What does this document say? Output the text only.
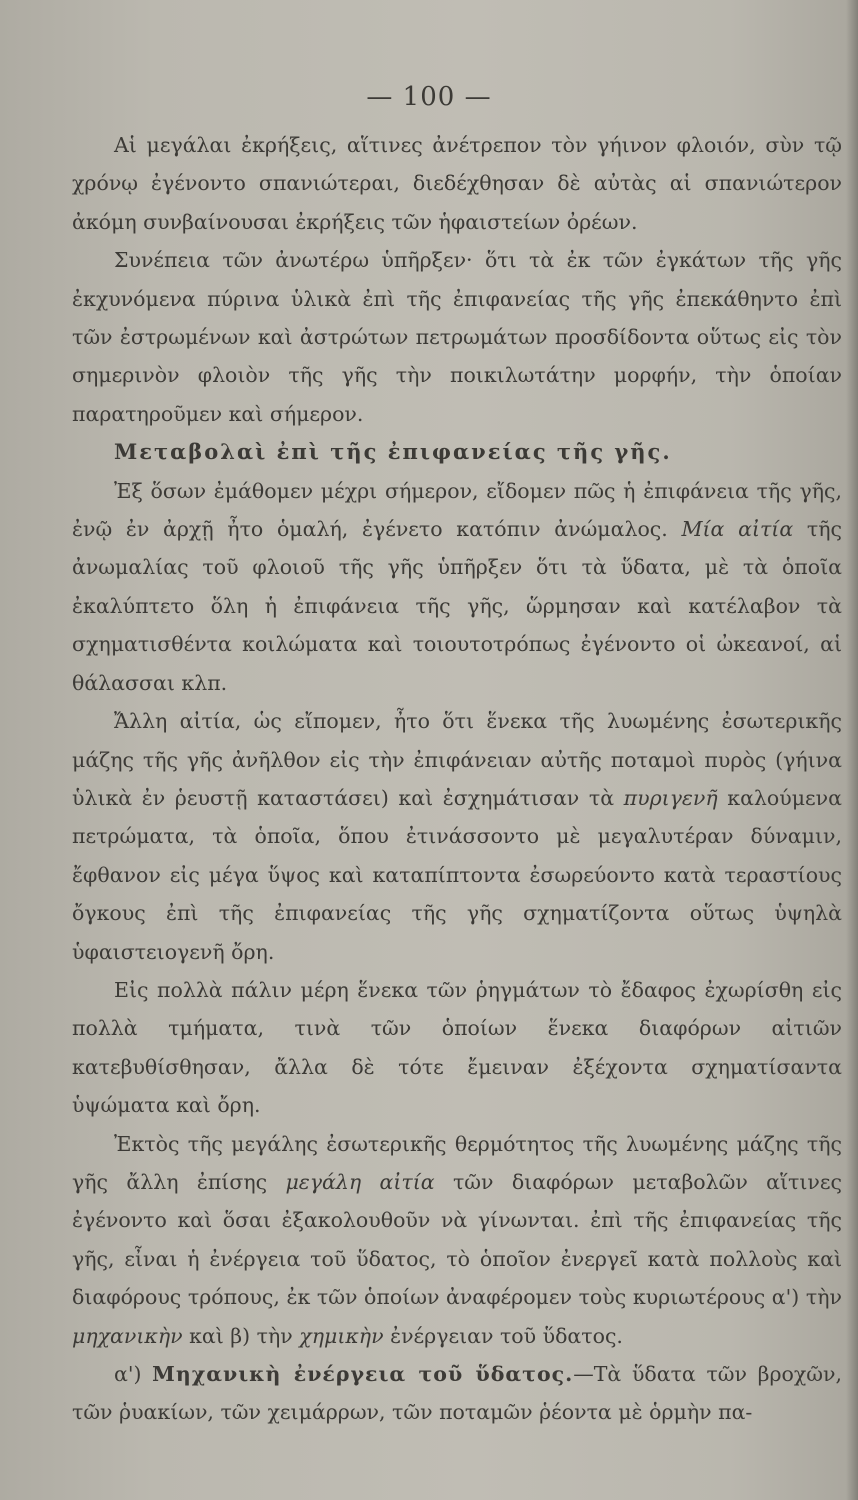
— 100 —

Αἱ μεγάλαι ἐκρήξεις, αἵτινες ἀνέτρεπον τὸν γήινον φλοιόν, σὺν τῷ χρόνῳ ἐγένοντο σπανιώτεραι, διεδέχθησαν δὲ αὐτὰς αἱ σπανιώτερον ἀκόμη συνβαίνουσαι ἐκρήξεις τῶν ἡφαιστείων ὀρέων.

Συνέπεια τῶν ἀνωτέρω ὑπῆρξεν· ὅτι τὰ ἐκ τῶν ἐγκάτων τῆς γῆς ἐκχυνόμενα πύρινα ὑλικὰ ἐπὶ τῆς ἐπιφανείας τῆς γῆς ἐπεκάθηντο ἐπὶ τῶν ἐστρωμένων καὶ ἀστρώτων πετρωμάτων προσδίδοντα οὕτως εἰς τὸν σημερινὸν φλοιὸν τῆς γῆς τὴν ποικιλωτάτην μορφήν, τὴν ὁποίαν παρατηροῦμεν καὶ σήμερον.

Μεταβολαὶ ἐπὶ τῆς ἐπιφανείας τῆς γῆς.

Ἐξ ὅσων ἐμάθομεν μέχρι σήμερον, εἴδομεν πῶς ἡ ἐπιφάνεια τῆς γῆς, ἐνῷ ἐν ἀρχῇ ἦτο ὁμαλή, ἐγένετο κατόπιν ἀνώμαλος. Μία αἰτία τῆς ἀνωμαλίας τοῦ φλοιοῦ τῆς γῆς ὑπῆρξεν ὅτι τὰ ὕδατα, μὲ τὰ ὁποῖα ἐκαλύπτετο ὅλη ἡ ἐπιφάνεια τῆς γῆς, ὥρμησαν καὶ κατέλαβον τὰ σχηματισθέντα κοιλώματα καὶ τοιουτοτρόπως ἐγένοντο οἱ ὠκεανοί, αἱ θάλασσαι κλπ.

Ἄλλη αἰτία, ὡς εἴπομεν, ἦτο ὅτι ἕνεκα τῆς λυωμένης ἐσωτερικῆς μάζης τῆς γῆς ἀνῆλθον εἰς τὴν ἐπιφάνειαν αὐτῆς ποταμοὶ πυρὸς (γήινα ὑλικὰ ἐν ῥευστῇ καταστάσει) καὶ ἐσχημάτισαν τὰ πυριγενῆ καλούμενα πετρώματα, τὰ ὁποῖα, ὅπου ἐτινάσσοντο μὲ μεγαλυτέραν δύναμιν, ἔφθανον εἰς μέγα ὕψος καὶ καταπίπτοντα ἐσωρεύοντο κατὰ τεραστίους ὄγκους ἐπὶ τῆς ἐπιφανείας τῆς γῆς σχηματίζοντα οὕτως ὑψηλὰ ὑφαιστειογενῆ ὄρη.

Εἰς πολλὰ πάλιν μέρη ἕνεκα τῶν ῥηγμάτων τὸ ἔδαφος ἐχωρίσθη εἰς πολλὰ τμήματα, τινὰ τῶν ὁποίων ἕνεκα διαφόρων αἰτιῶν κατεβυθίσθησαν, ἄλλα δὲ τότε ἔμειναν ἐξέχοντα σχηματίσαντα ὑψώματα καὶ ὄρη.

Ἐκτὸς τῆς μεγάλης ἐσωτερικῆς θερμότητος τῆς λυωμένης μάζης τῆς γῆς ἄλλη ἐπίσης μεγάλη αἰτία τῶν διαφόρων μεταβολῶν αἵτινες ἐγένοντο καὶ ὅσαι ἐξακολουθοῦν νὰ γίνωνται. ἐπὶ τῆς ἐπιφανείας τῆς γῆς, εἶναι ἡ ἐνέργεια τοῦ ὕδατος, τὸ ὁποῖον ἐνεργεῖ κατὰ πολλοὺς καὶ διαφόρους τρόπους, ἐκ τῶν ὁποίων ἀναφέρομεν τοὺς κυριωτέρους α') τὴν μηχανικὴν καὶ β) τὴν χημικὴν ἐνέργειαν τοῦ ὕδατος.

α') Μηχανικὴ ἐνέργεια τοῦ ὕδατος.—Τὰ ὕδατα τῶν βροχῶν, τῶν ῥυακίων, τῶν χειμάρρων, τῶν ποταμῶν ῥέοντα μὲ ὁρμὴν πα-
